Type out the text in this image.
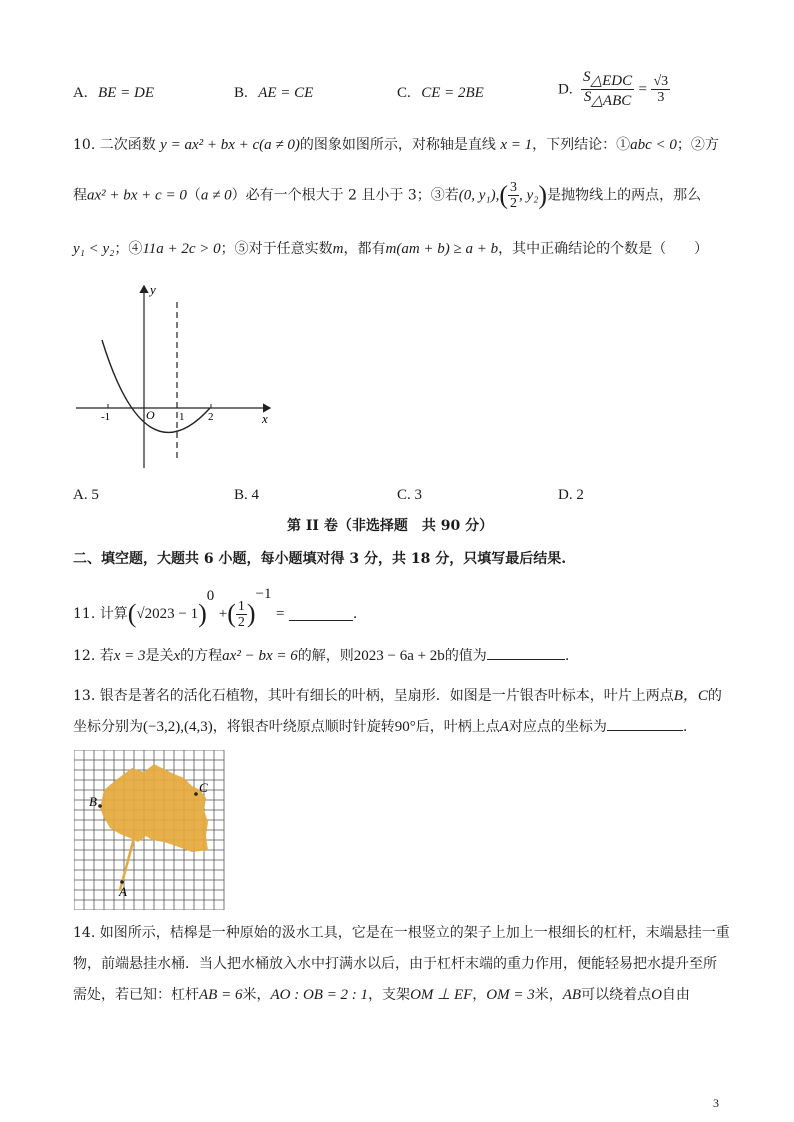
A. BE = DE	B. AE = CE	C. CE = 2BE	D. $\frac{S_{\triangle EDC}}{S_{\triangle ABC}} = \frac{√3}{3}$
10. 二次函数 y = ax² + bx + c(a ≠ 0)的图象如图所示，对称轴是直线 x = 1，下列结论：①abc < 0；②方
程ax² + bx + c = 0（a ≠ 0）必有一个根大于 2 且小于 3；③若(0, $y_1),( \frac{3}{2}$ , y₂)是抛物线上的两点，那么
y₁ < y₂；④11a + 2c > 0；⑤对于任意实数m，都有m(am + b) ≥ a + b，其中正确结论的个数是（　　）
y
x
O
-1	1 2
A. 5	B. 4	C. 3	D. 2
第 II 卷（非选择题　共 90 分）
二、填空题，大题共 6 小题，每小题填对得 3 分，共 18 分，只填写最后结果.
11. 计算$(√2023 - 1)^0$ +( $\frac{1}{2} )^{-1}$ =	.
12. 若x = 3是关x的方程ax² − bx = 6的解，则2023 − 6a + 2b的值为	.
13. 银杏是著名的活化石植物，其叶有细长的叶柄，呈扇形．如图是一片银杏叶标本，叶片上两点B，C的
坐标分别为(−3,2),(4,3)，将银杏叶绕原点顺时针旋转90°后，叶柄上点A对应点的坐标为	.
B
C
A
14. 如图所示，桔槔是一种原始的汲水工具，它是在一根竖立的架子上加上一根细长的杠杆，末端悬挂一重
物，前端悬挂水桶．当人把水桶放入水中打满水以后，由于杠杆末端的重力作用，便能轻易把水提升至所
需处，若已知：杠杆AB = 6米，AO : OB = 2 : 1，支架OM ⊥ EF，OM = 3米，AB可以绕着点O自由
3
